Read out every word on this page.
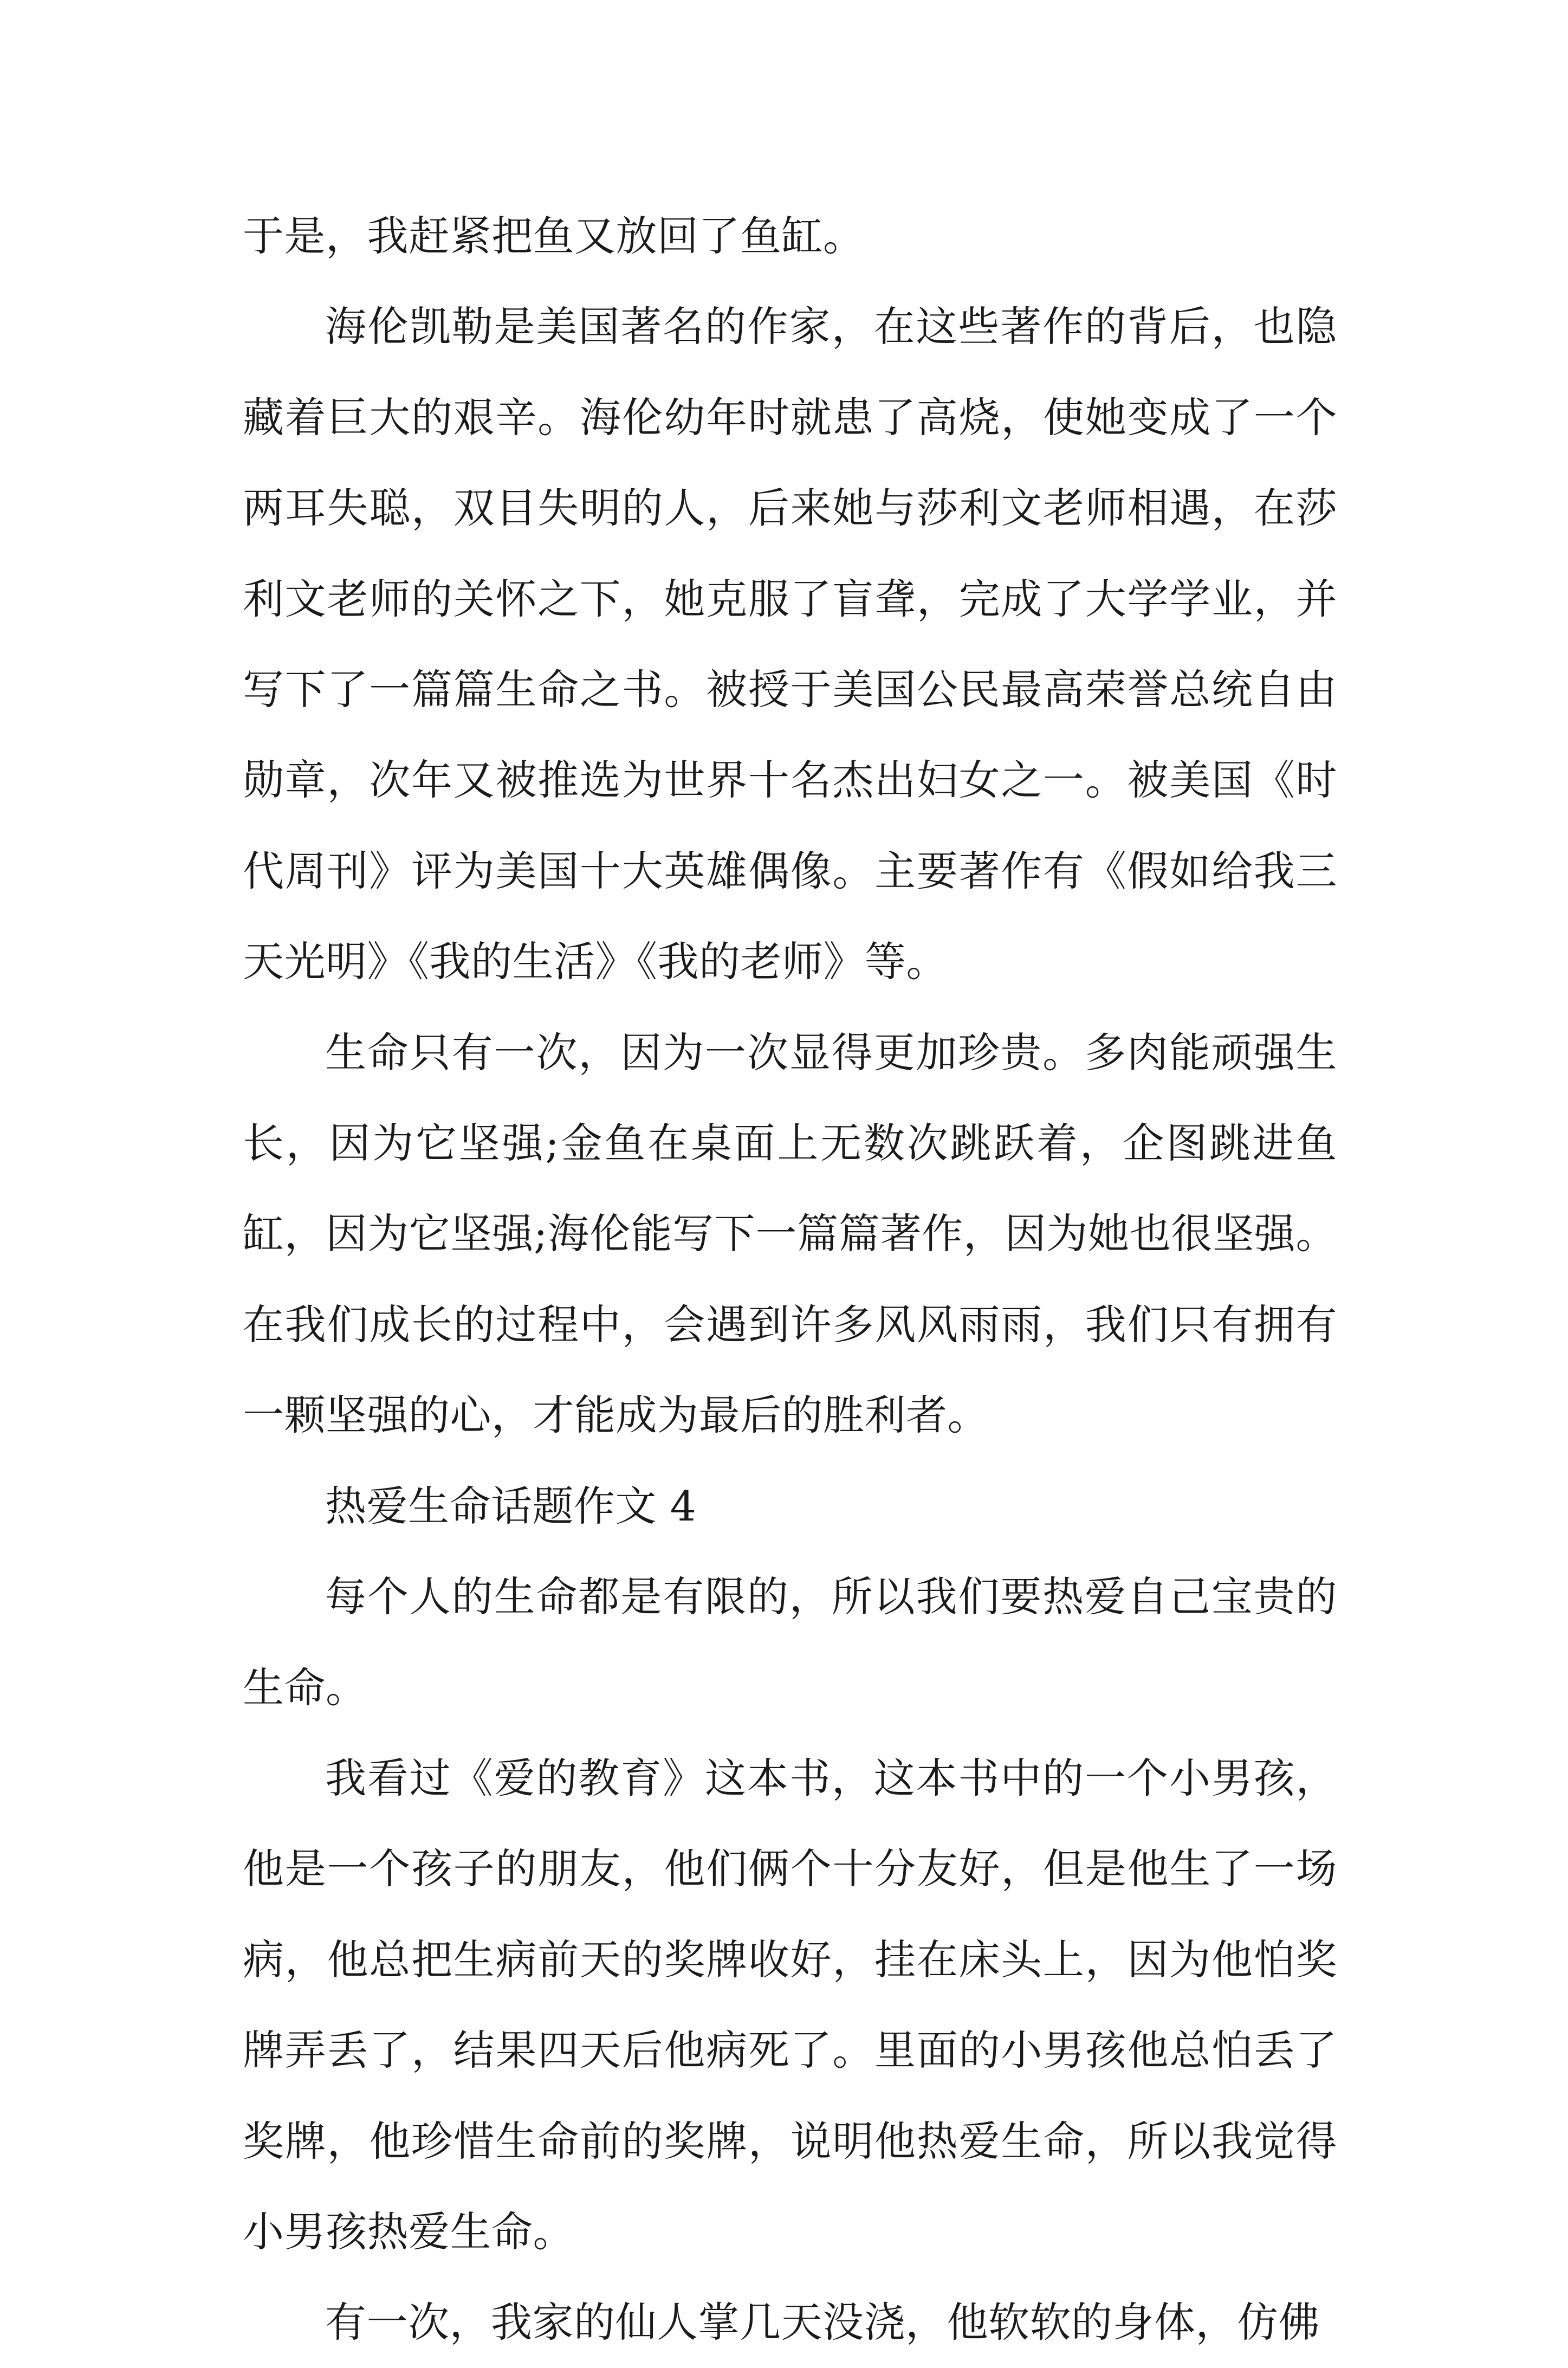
于是，我赶紧把鱼又放回了鱼缸。

海伦凯勒是美国著名的作家，在这些著作的背后，也隐藏着巨大的艰辛。海伦幼年时就患了高烧，使她变成了一个两耳失聪，双目失明的人，后来她与莎利文老师相遇，在莎利文老师的关怀之下，她克服了盲聋，完成了大学学业，并写下了一篇篇生命之书。被授于美国公民最高荣誉总统自由勋章，次年又被推选为世界十名杰出妇女之一。被美国《时代周刊》评为美国十大英雄偶像。主要著作有《假如给我三天光明》《我的生活》《我的老师》等。

生命只有一次，因为一次显得更加珍贵。多肉能顽强生长，因为它坚强;金鱼在桌面上无数次跳跃着，企图跳进鱼缸，因为它坚强;海伦能写下一篇篇著作，因为她也很坚强。在我们成长的过程中，会遇到许多风风雨雨，我们只有拥有一颗坚强的心，才能成为最后的胜利者。

热爱生命话题作文 4

每个人的生命都是有限的，所以我们要热爱自己宝贵的生命。

我看过《爱的教育》这本书，这本书中的一个小男孩，他是一个孩子的朋友，他们俩个十分友好，但是他生了一场病，他总把生病前天的奖牌收好，挂在床头上，因为他怕奖牌弄丢了，结果四天后他病死了。里面的小男孩他总怕丢了奖牌，他珍惜生命前的奖牌，说明他热爱生命，所以我觉得小男孩热爱生命。

有一次，我家的仙人掌几天没浇，他软软的身体，仿佛
